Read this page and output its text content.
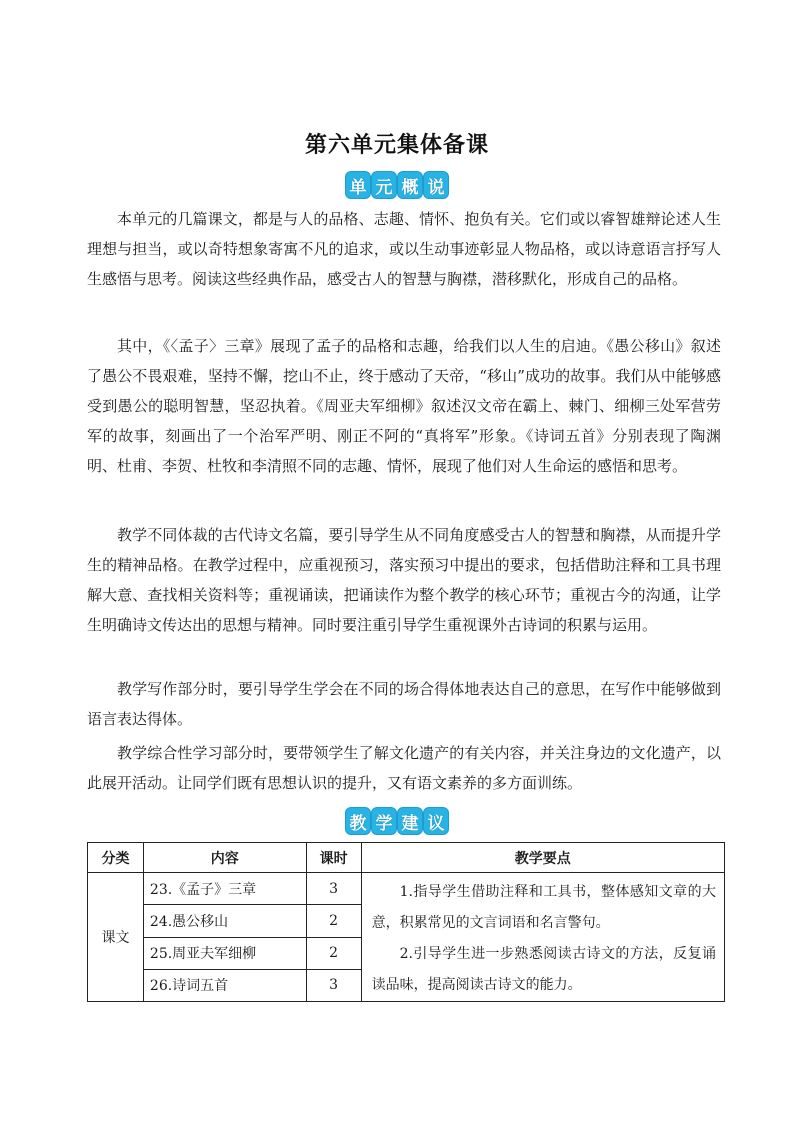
第六单元集体备课
单 元 概 说

本单元的几篇课文，都是与人的品格、志趣、情怀、抱负有关。它们或以睿智雄辩论述人生理想与担当，或以奇特想象寄寓不凡的追求，或以生动事迹彰显人物品格，或以诗意语言抒写人生感悟与思考。阅读这些经典作品，感受古人的智慧与胸襟，潜移默化，形成自己的品格。

其中，《〈孟子〉三章》展现了孟子的品格和志趣，给我们以人生的启迪。《愚公移山》叙述了愚公不畏艰难，坚持不懈，挖山不止，终于感动了天帝，“移山”成功的故事。我们从中能够感受到愚公的聪明智慧，坚忍执着。《周亚夫军细柳》叙述汉文帝在霸上、棘门、细柳三处军营劳军的故事，刻画出了一个治军严明、刚正不阿的“真将军”形象。《诗词五首》分别表现了陶渊明、杜甫、李贺、杜牧和李清照不同的志趣、情怀，展现了他们对人生命运的感悟和思考。

教学不同体裁的古代诗文名篇，要引导学生从不同角度感受古人的智慧和胸襟，从而提升学生的精神品格。在教学过程中，应重视预习，落实预习中提出的要求，包括借助注释和工具书理解大意、查找相关资料等；重视诵读，把诵读作为整个教学的核心环节；重视古今的沟通，让学生明确诗文传达出的思想与精神。同时要注重引导学生重视课外古诗词的积累与运用。

教学写作部分时，要引导学生学会在不同的场合得体地表达自己的意思，在写作中能够做到语言表达得体。

教学综合性学习部分时，要带领学生了解文化遗产的有关内容，并关注身边的文化遗产，以此展开活动。让同学们既有思想认识的提升，又有语文素养的多方面训练。

教 学 建 议
分类	内容	课时	教学要点
课文	23.《孟子》三章	3	1.指导学生借助注释和工具书，整体感知文章的大意，积累常见的文言词语和名言警句。

2.引导学生进一步熟悉阅读古诗文的方法，反复诵读品味，提高阅读古诗文的能力。

	24.愚公移山	2	
	25.周亚夫军细柳	2	
	26.诗词五首	3	
